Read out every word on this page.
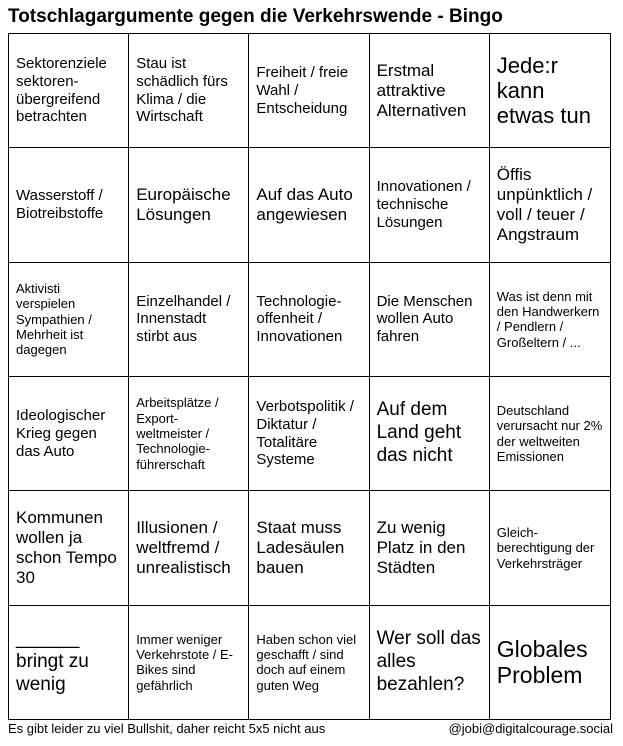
Totschlagargumente gegen die Verkehrswende - Bingo
Sektorenziele sektoren-übergreifend betrachten
Stau ist schädlich fürs Klima / die Wirtschaft
Freiheit / freie Wahl / Entscheidung
Erstmal attraktive Alternativen
Jede:r kann etwas tun
Wasserstoff / Biotreibstoffe
Europäische Lösungen
Auf das Auto angewiesen
Innovationen / technische Lösungen
Öffis unpünktlich / voll / teuer / Angstraum
Aktivisti verspielen Sympathien / Mehrheit ist dagegen
Einzelhandel / Innenstadt stirbt aus
Technologie-offenheit / Innovationen
Die Menschen wollen Auto fahren
Was ist denn mit den Handwerkern / Pendlern / Großeltern / ...
Ideologischer Krieg gegen das Auto
Arbeitsplätze / Export-weltmeister / Technologie-führerschaft
Verbotspolitik / Diktatur / Totalitäre Systeme
Auf dem Land geht das nicht
Deutschland verursacht nur 2% der weltweiten Emissionen
Kommunen wollen ja schon Tempo 30
Illusionen / weltfremd / unrealistisch
Staat muss Ladesäulen bauen
Zu wenig Platz in den Städten
Gleich-berechtigung der Verkehrsträger
______ bringt zu wenig
Immer weniger Verkehrstote / E-Bikes sind gefährlich
Haben schon viel geschafft / sind doch auf einem guten Weg
Wer soll das alles bezahlen?
Globales Problem
Es gibt leider zu viel Bullshit, daher reicht 5x5 nicht aus	@jobi@digitalcourage.social
